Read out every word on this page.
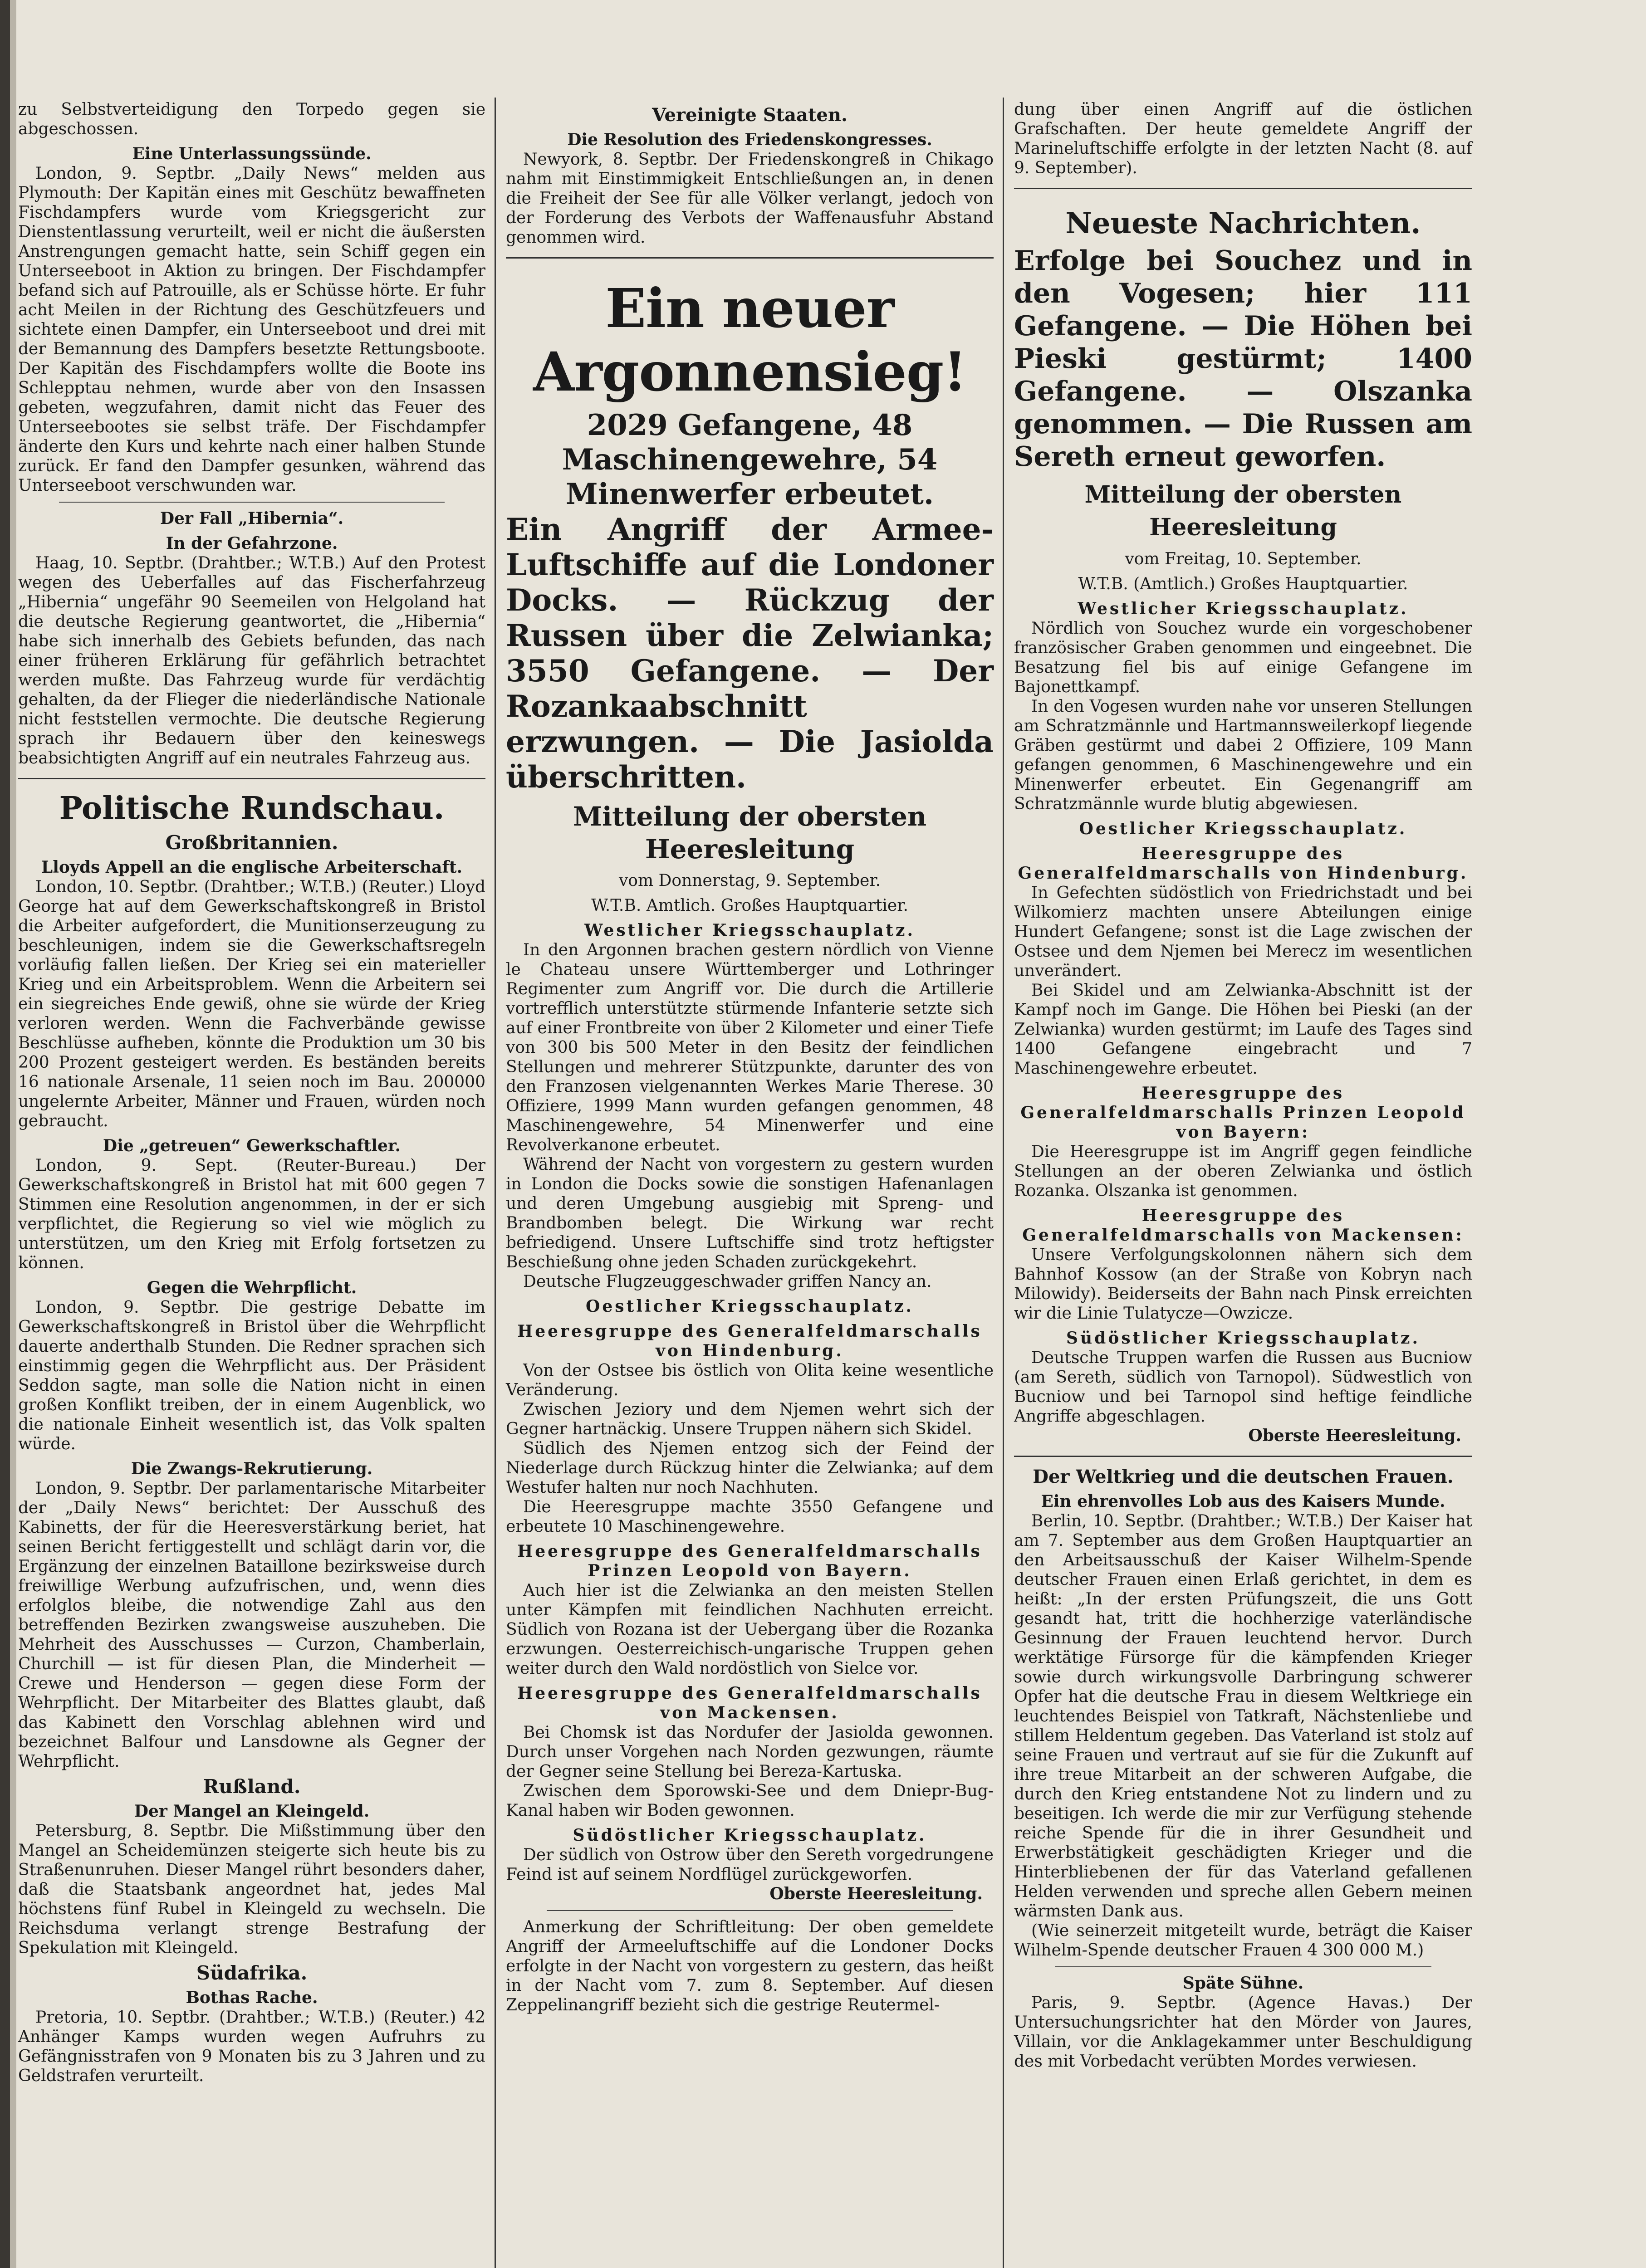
zu Selbstverteidigung den Torpedo gegen sie abgeschossen.

Eine Unterlassungssünde.

London, 9. Septbr. „Daily News“ melden aus Plymouth: Der Kapitän eines mit Geschütz bewaffneten Fischdampfers wurde vom Kriegsgericht zur Dienstentlassung verurteilt, weil er nicht die äußersten Anstrengungen gemacht hatte, sein Schiff gegen ein Unterseeboot in Aktion zu bringen. Der Fischdampfer befand sich auf Patrouille, als er Schüsse hörte. Er fuhr acht Meilen in der Richtung des Geschützfeuers und sichtete einen Dampfer, ein Unterseeboot und drei mit der Bemannung des Dampfers besetzte Rettungsboote. Der Kapitän des Fischdampfers wollte die Boote ins Schlepptau nehmen, wurde aber von den Insassen gebeten, wegzufahren, damit nicht das Feuer des Unterseebootes sie selbst träfe. Der Fischdampfer änderte den Kurs und kehrte nach einer halben Stunde zurück. Er fand den Dampfer gesunken, während das Unterseeboot verschwunden war.

Der Fall „Hibernia“.
In der Gefahrzone.

Haag, 10. Septbr. (Drahtber.; W.T.B.) Auf den Protest wegen des Ueberfalles auf das Fischerfahrzeug „Hibernia“ ungefähr 90 Seemeilen von Helgoland hat die deutsche Regierung geantwortet, die „Hibernia“ habe sich innerhalb des Gebiets befunden, das nach einer früheren Erklärung für gefährlich betrachtet werden mußte. Das Fahrzeug wurde für verdächtig gehalten, da der Flieger die niederländische Nationale nicht feststellen vermochte. Die deutsche Regierung sprach ihr Bedauern über den keineswegs beabsichtigten Angriff auf ein neutrales Fahrzeug aus.

Politische Rundschau.
Großbritannien.
Lloyds Appell an die englische Arbeiterschaft.

London, 10. Septbr. (Drahtber.; W.T.B.) (Reuter.) Lloyd George hat auf dem Gewerkschaftskongreß in Bristol die Arbeiter aufgefordert, die Munitionserzeugung zu beschleunigen, indem sie die Gewerkschaftsregeln vorläufig fallen ließen. Der Krieg sei ein materieller Krieg und ein Arbeitsproblem. Wenn die Arbeitern sei ein siegreiches Ende gewiß, ohne sie würde der Krieg verloren werden. Wenn die Fachverbände gewisse Beschlüsse aufheben, könnte die Produktion um 30 bis 200 Prozent gesteigert werden. Es beständen bereits 16 nationale Arsenale, 11 seien noch im Bau. 200000 ungelernte Arbeiter, Männer und Frauen, würden noch gebraucht.

Die „getreuen“ Gewerkschaftler.

London, 9. Sept. (Reuter-Bureau.) Der Gewerkschaftskongreß in Bristol hat mit 600 gegen 7 Stimmen eine Resolution angenommen, in der er sich verpflichtet, die Regierung so viel wie möglich zu unterstützen, um den Krieg mit Erfolg fortsetzen zu können.

Gegen die Wehrpflicht.

London, 9. Septbr. Die gestrige Debatte im Gewerkschaftskongreß in Bristol über die Wehrpflicht dauerte anderthalb Stunden. Die Redner sprachen sich einstimmig gegen die Wehrpflicht aus. Der Präsident Seddon sagte, man solle die Nation nicht in einen großen Konflikt treiben, der in einem Augenblick, wo die nationale Einheit wesentlich ist, das Volk spalten würde.

Die Zwangs-Rekrutierung.

London, 9. Septbr. Der parlamentarische Mitarbeiter der „Daily News“ berichtet: Der Ausschuß des Kabinetts, der für die Heeresverstärkung beriet, hat seinen Bericht fertiggestellt und schlägt darin vor, die Ergänzung der einzelnen Bataillone bezirksweise durch freiwillige Werbung aufzufrischen, und, wenn dies erfolglos bleibe, die notwendige Zahl aus den betreffenden Bezirken zwangsweise auszuheben. Die Mehrheit des Ausschusses — Curzon, Chamberlain, Churchill — ist für diesen Plan, die Minderheit — Crewe und Henderson — gegen diese Form der Wehrpflicht. Der Mitarbeiter des Blattes glaubt, daß das Kabinett den Vorschlag ablehnen wird und bezeichnet Balfour und Lansdowne als Gegner der Wehrpflicht.

Rußland.
Der Mangel an Kleingeld.

Petersburg, 8. Septbr. Die Mißstimmung über den Mangel an Scheidemünzen steigerte sich heute bis zu Straßenunruhen. Dieser Mangel rührt besonders daher, daß die Staatsbank angeordnet hat, jedes Mal höchstens fünf Rubel in Kleingeld zu wechseln. Die Reichsduma verlangt strenge Bestrafung der Spekulation mit Kleingeld.

Südafrika.
Bothas Rache.

Pretoria, 10. Septbr. (Drahtber.; W.T.B.) (Reuter.) 42 Anhänger Kamps wurden wegen Aufruhrs zu Gefängnisstrafen von 9 Monaten bis zu 3 Jahren und zu Geldstrafen verurteilt.

Vereinigte Staaten.
Die Resolution des Friedenskongresses.

Newyork, 8. Septbr. Der Friedenskongreß in Chikago nahm mit Einstimmigkeit Entschließungen an, in denen die Freiheit der See für alle Völker verlangt, jedoch von der Forderung des Verbots der Waffenausfuhr Abstand genommen wird.

Ein neuer Argonnensieg!
2029 Gefangene, 48 Maschinengewehre, 54 Minenwerfer erbeutet.
Ein Angriff der Armee-Luftschiffe auf die Londoner Docks. — Rückzug der Russen über die Zelwianka; 3550 Gefangene. — Der Rozankaabschnitt erzwungen. — Die Jasiolda überschritten.
Mitteilung der obersten Heeresleitung
vom Donnerstag, 9. September.
W.T.B. Amtlich. Großes Hauptquartier.
Westlicher Kriegsschauplatz.

In den Argonnen brachen gestern nördlich von Vienne le Chateau unsere Württemberger und Lothringer Regimenter zum Angriff vor. Die durch die Artillerie vortrefflich unterstützte stürmende Infanterie setzte sich auf einer Frontbreite von über 2 Kilometer und einer Tiefe von 300 bis 500 Meter in den Besitz der feindlichen Stellungen und mehrerer Stützpunkte, darunter des von den Franzosen vielgenannten Werkes Marie Therese. 30 Offiziere, 1999 Mann wurden gefangen genommen, 48 Maschinengewehre, 54 Minenwerfer und eine Revolverkanone erbeutet.

Während der Nacht von vorgestern zu gestern wurden in London die Docks sowie die sonstigen Hafenanlagen und deren Umgebung ausgiebig mit Spreng- und Brandbomben belegt. Die Wirkung war recht befriedigend. Unsere Luftschiffe sind trotz heftigster Beschießung ohne jeden Schaden zurückgekehrt.

Deutsche Flugzeuggeschwader griffen Nancy an.

Oestlicher Kriegsschauplatz.
Heeresgruppe des Generalfeldmarschalls von Hindenburg.

Von der Ostsee bis östlich von Olita keine wesentliche Veränderung.

Zwischen Jeziory und dem Njemen wehrt sich der Gegner hartnäckig. Unsere Truppen nähern sich Skidel.

Südlich des Njemen entzog sich der Feind der Niederlage durch Rückzug hinter die Zelwianka; auf dem Westufer halten nur noch Nachhuten.

Die Heeresgruppe machte 3550 Gefangene und erbeutete 10 Maschinengewehre.

Heeresgruppe des Generalfeldmarschalls Prinzen Leopold von Bayern.

Auch hier ist die Zelwianka an den meisten Stellen unter Kämpfen mit feindlichen Nachhuten erreicht. Südlich von Rozana ist der Uebergang über die Rozanka erzwungen. Oesterreichisch-ungarische Truppen gehen weiter durch den Wald nordöstlich von Sielce vor.

Heeresgruppe des Generalfeldmarschalls von Mackensen.

Bei Chomsk ist das Nordufer der Jasiolda gewonnen. Durch unser Vorgehen nach Norden gezwungen, räumte der Gegner seine Stellung bei Bereza-Kartuska.

Zwischen dem Sporowski-See und dem Dniepr-Bug-Kanal haben wir Boden gewonnen.

Südöstlicher Kriegsschauplatz.

Der südlich von Ostrow über den Sereth vorgedrungene Feind ist auf seinem Nordflügel zurückgeworfen.

Oberste Heeresleitung.

Anmerkung der Schriftleitung: Der oben gemeldete Angriff der Armeeluftschiffe auf die Londoner Docks erfolgte in der Nacht von vorgestern zu gestern, das heißt in der Nacht vom 7. zum 8. September. Auf diesen Zeppelinangriff bezieht sich die gestrige Reutermel-

dung über einen Angriff auf die östlichen Grafschaften. Der heute gemeldete Angriff der Marineluftschiffe erfolgte in der letzten Nacht (8. auf 9. September).

Neueste Nachrichten.
Erfolge bei Souchez und in den Vogesen; hier 111 Gefangene. — Die Höhen bei Pieski gestürmt; 1400 Gefangene. — Olszanka genommen. — Die Russen am Sereth erneut geworfen.
Mitteilung der obersten Heeresleitung
vom Freitag, 10. September.
W.T.B. (Amtlich.) Großes Hauptquartier.
Westlicher Kriegsschauplatz.

Nördlich von Souchez wurde ein vorgeschobener französischer Graben genommen und eingeebnet. Die Besatzung fiel bis auf einige Gefangene im Bajonettkampf.

In den Vogesen wurden nahe vor unseren Stellungen am Schratzmännle und Hartmannsweilerkopf liegende Gräben gestürmt und dabei 2 Offiziere, 109 Mann gefangen genommen, 6 Maschinengewehre und ein Minenwerfer erbeutet. Ein Gegenangriff am Schratzmännle wurde blutig abgewiesen.

Oestlicher Kriegsschauplatz.
Heeresgruppe des Generalfeldmarschalls von Hindenburg.

In Gefechten südöstlich von Friedrichstadt und bei Wilkomierz machten unsere Abteilungen einige Hundert Gefangene; sonst ist die Lage zwischen der Ostsee und dem Njemen bei Merecz im wesentlichen unverändert.

Bei Skidel und am Zelwianka-Abschnitt ist der Kampf noch im Gange. Die Höhen bei Pieski (an der Zelwianka) wurden gestürmt; im Laufe des Tages sind 1400 Gefangene eingebracht und 7 Maschinengewehre erbeutet.

Heeresgruppe des Generalfeldmarschalls Prinzen Leopold von Bayern:

Die Heeresgruppe ist im Angriff gegen feindliche Stellungen an der oberen Zelwianka und östlich Rozanka. Olszanka ist genommen.

Heeresgruppe des Generalfeldmarschalls von Mackensen:

Unsere Verfolgungskolonnen nähern sich dem Bahnhof Kossow (an der Straße von Kobryn nach Milowidy). Beiderseits der Bahn nach Pinsk erreichten wir die Linie Tulatycze—Owzicze.

Südöstlicher Kriegsschauplatz.

Deutsche Truppen warfen die Russen aus Bucniow (am Sereth, südlich von Tarnopol). Südwestlich von Bucniow und bei Tarnopol sind heftige feindliche Angriffe abgeschlagen.

Oberste Heeresleitung.

Der Weltkrieg und die deutschen Frauen.
Ein ehrenvolles Lob aus des Kaisers Munde.

Berlin, 10. Septbr. (Drahtber.; W.T.B.) Der Kaiser hat am 7. September aus dem Großen Hauptquartier an den Arbeitsausschuß der Kaiser Wilhelm-Spende deutscher Frauen einen Erlaß gerichtet, in dem es heißt: „In der ersten Prüfungszeit, die uns Gott gesandt hat, tritt die hochherzige vaterländische Gesinnung der Frauen leuchtend hervor. Durch werktätige Fürsorge für die kämpfenden Krieger sowie durch wirkungsvolle Darbringung schwerer Opfer hat die deutsche Frau in diesem Weltkriege ein leuchtendes Beispiel von Tatkraft, Nächstenliebe und stillem Heldentum gegeben. Das Vaterland ist stolz auf seine Frauen und vertraut auf sie für die Zukunft auf ihre treue Mitarbeit an der schweren Aufgabe, die durch den Krieg entstandene Not zu lindern und zu beseitigen. Ich werde die mir zur Verfügung stehende reiche Spende für die in ihrer Gesundheit und Erwerbstätigkeit geschädigten Krieger und die Hinterbliebenen der für das Vaterland gefallenen Helden verwenden und spreche allen Gebern meinen wärmsten Dank aus.

(Wie seinerzeit mitgeteilt wurde, beträgt die Kaiser Wilhelm-Spende deutscher Frauen 4 300 000 M.)

Späte Sühne.

Paris, 9. Septbr. (Agence Havas.) Der Untersuchungsrichter hat den Mörder von Jaures, Villain, vor die Anklagekammer unter Beschuldigung des mit Vorbedacht verübten Mordes verwiesen.
